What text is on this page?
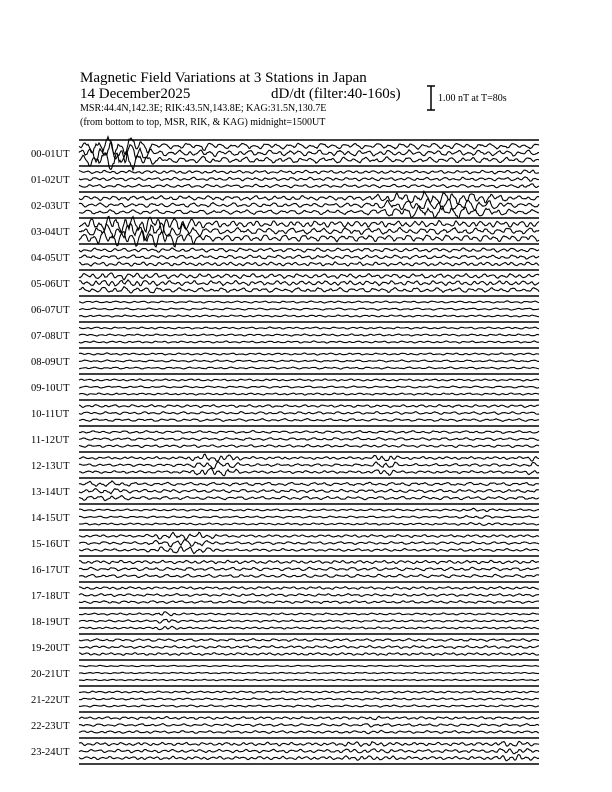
Magnetic Field Variations at 3 Stations in Japan
14 December2025	dD/dt (filter:40-160s)
MSR:44.4N,142.3E; RIK:43.5N,143.8E; KAG:31.5N,130.7E
(from bottom to top, MSR, RIK, & KAG) midnight=1500UT
1.00 nT at T=80s
00-01UT
01-02UT
02-03UT
03-04UT
04-05UT
05-06UT
06-07UT
07-08UT
08-09UT
09-10UT
10-11UT
11-12UT
12-13UT
13-14UT
14-15UT
15-16UT
16-17UT
17-18UT
18-19UT
19-20UT
20-21UT
21-22UT
22-23UT
23-24UT
